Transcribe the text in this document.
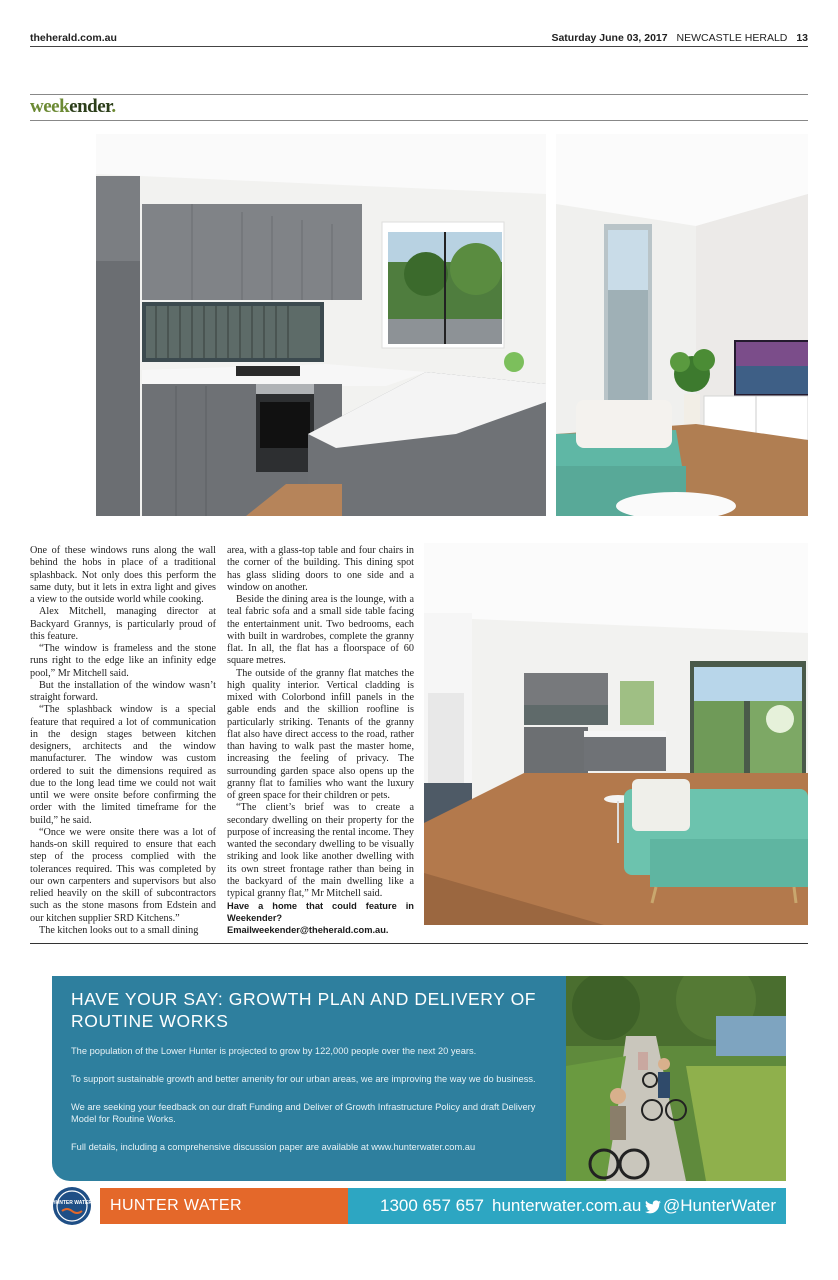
theherald.com.au	Saturday June 03, 2017 NEWCASTLE HERALD 13
weekender.

One of these windows runs along the wall behind the hobs in place of a traditional splashback. Not only does this perform the same duty, but it lets in extra light and gives a view to the outside world while cooking.

Alex Mitchell, managing director at Backyard Grannys, is particularly proud of this feature.

“The window is frameless and the stone runs right to the edge like an infinity edge pool,” Mr Mitchell said.

But the installation of the window wasn’t straight forward.

“The splashback window is a special feature that required a lot of communication in the design stages between kitchen designers, architects and the window manufacturer. The window was custom ordered to suit the dimensions required as due to the long lead time we could not wait until we were onsite before confirming the order with the limited timeframe for the build,” he said.

“Once we were onsite there was a lot of hands-on skill required to ensure that each step of the process complied with the tolerances required. This was completed by our own carpenters and supervisors but also relied heavily on the skill of subcontractors such as the stone masons from Edstein and our kitchen supplier SRD Kitchens.”

The kitchen looks out to a small dining

area, with a glass-top table and four chairs in the corner of the building. This dining spot has glass sliding doors to one side and a window on another.

Beside the dining area is the lounge, with a teal fabric sofa and a small side table facing the entertainment unit. Two bedrooms, each with built in wardrobes, complete the granny flat. In all, the flat has a floorspace of 60 square metres.

The outside of the granny flat matches the high quality interior. Vertical cladding is mixed with Colorbond infill panels in the gable ends and the skillion roofline is particularly striking. Tenants of the granny flat also have direct access to the road, rather than having to walk past the master home, increasing the feeling of privacy. The surrounding garden space also opens up the granny flat to families who want the luxury of green space for their children or pets.

“The client’s brief was to create a secondary dwelling on their property for the purpose of increasing the rental income. They wanted the secondary dwelling to be visually striking and look like another dwelling with its own street frontage rather than being in the backyard of the main dwelling like a typical granny flat,” Mr Mitchell said.

Have a home that could feature in Weekender?

Emailweekender@theherald.com.au.

HAVE YOUR SAY: GROWTH PLAN AND DELIVERY OF ROUTINE WORKS
The population of the Lower Hunter is projected to grow by 122,000 people over the next 20 years.
To support sustainable growth and better amenity for our urban areas, we are improving the way we do business.
We are seeking your feedback on our draft Funding and Deliver of Growth Infrastructure Policy and draft Delivery Model for Routine Works.
Full details, including a comprehensive discussion paper are available at www.hunterwater.com.au
HUNTER WATER HUNTER WATER	1300 657 657 hunterwater.com.au @HunterWater
